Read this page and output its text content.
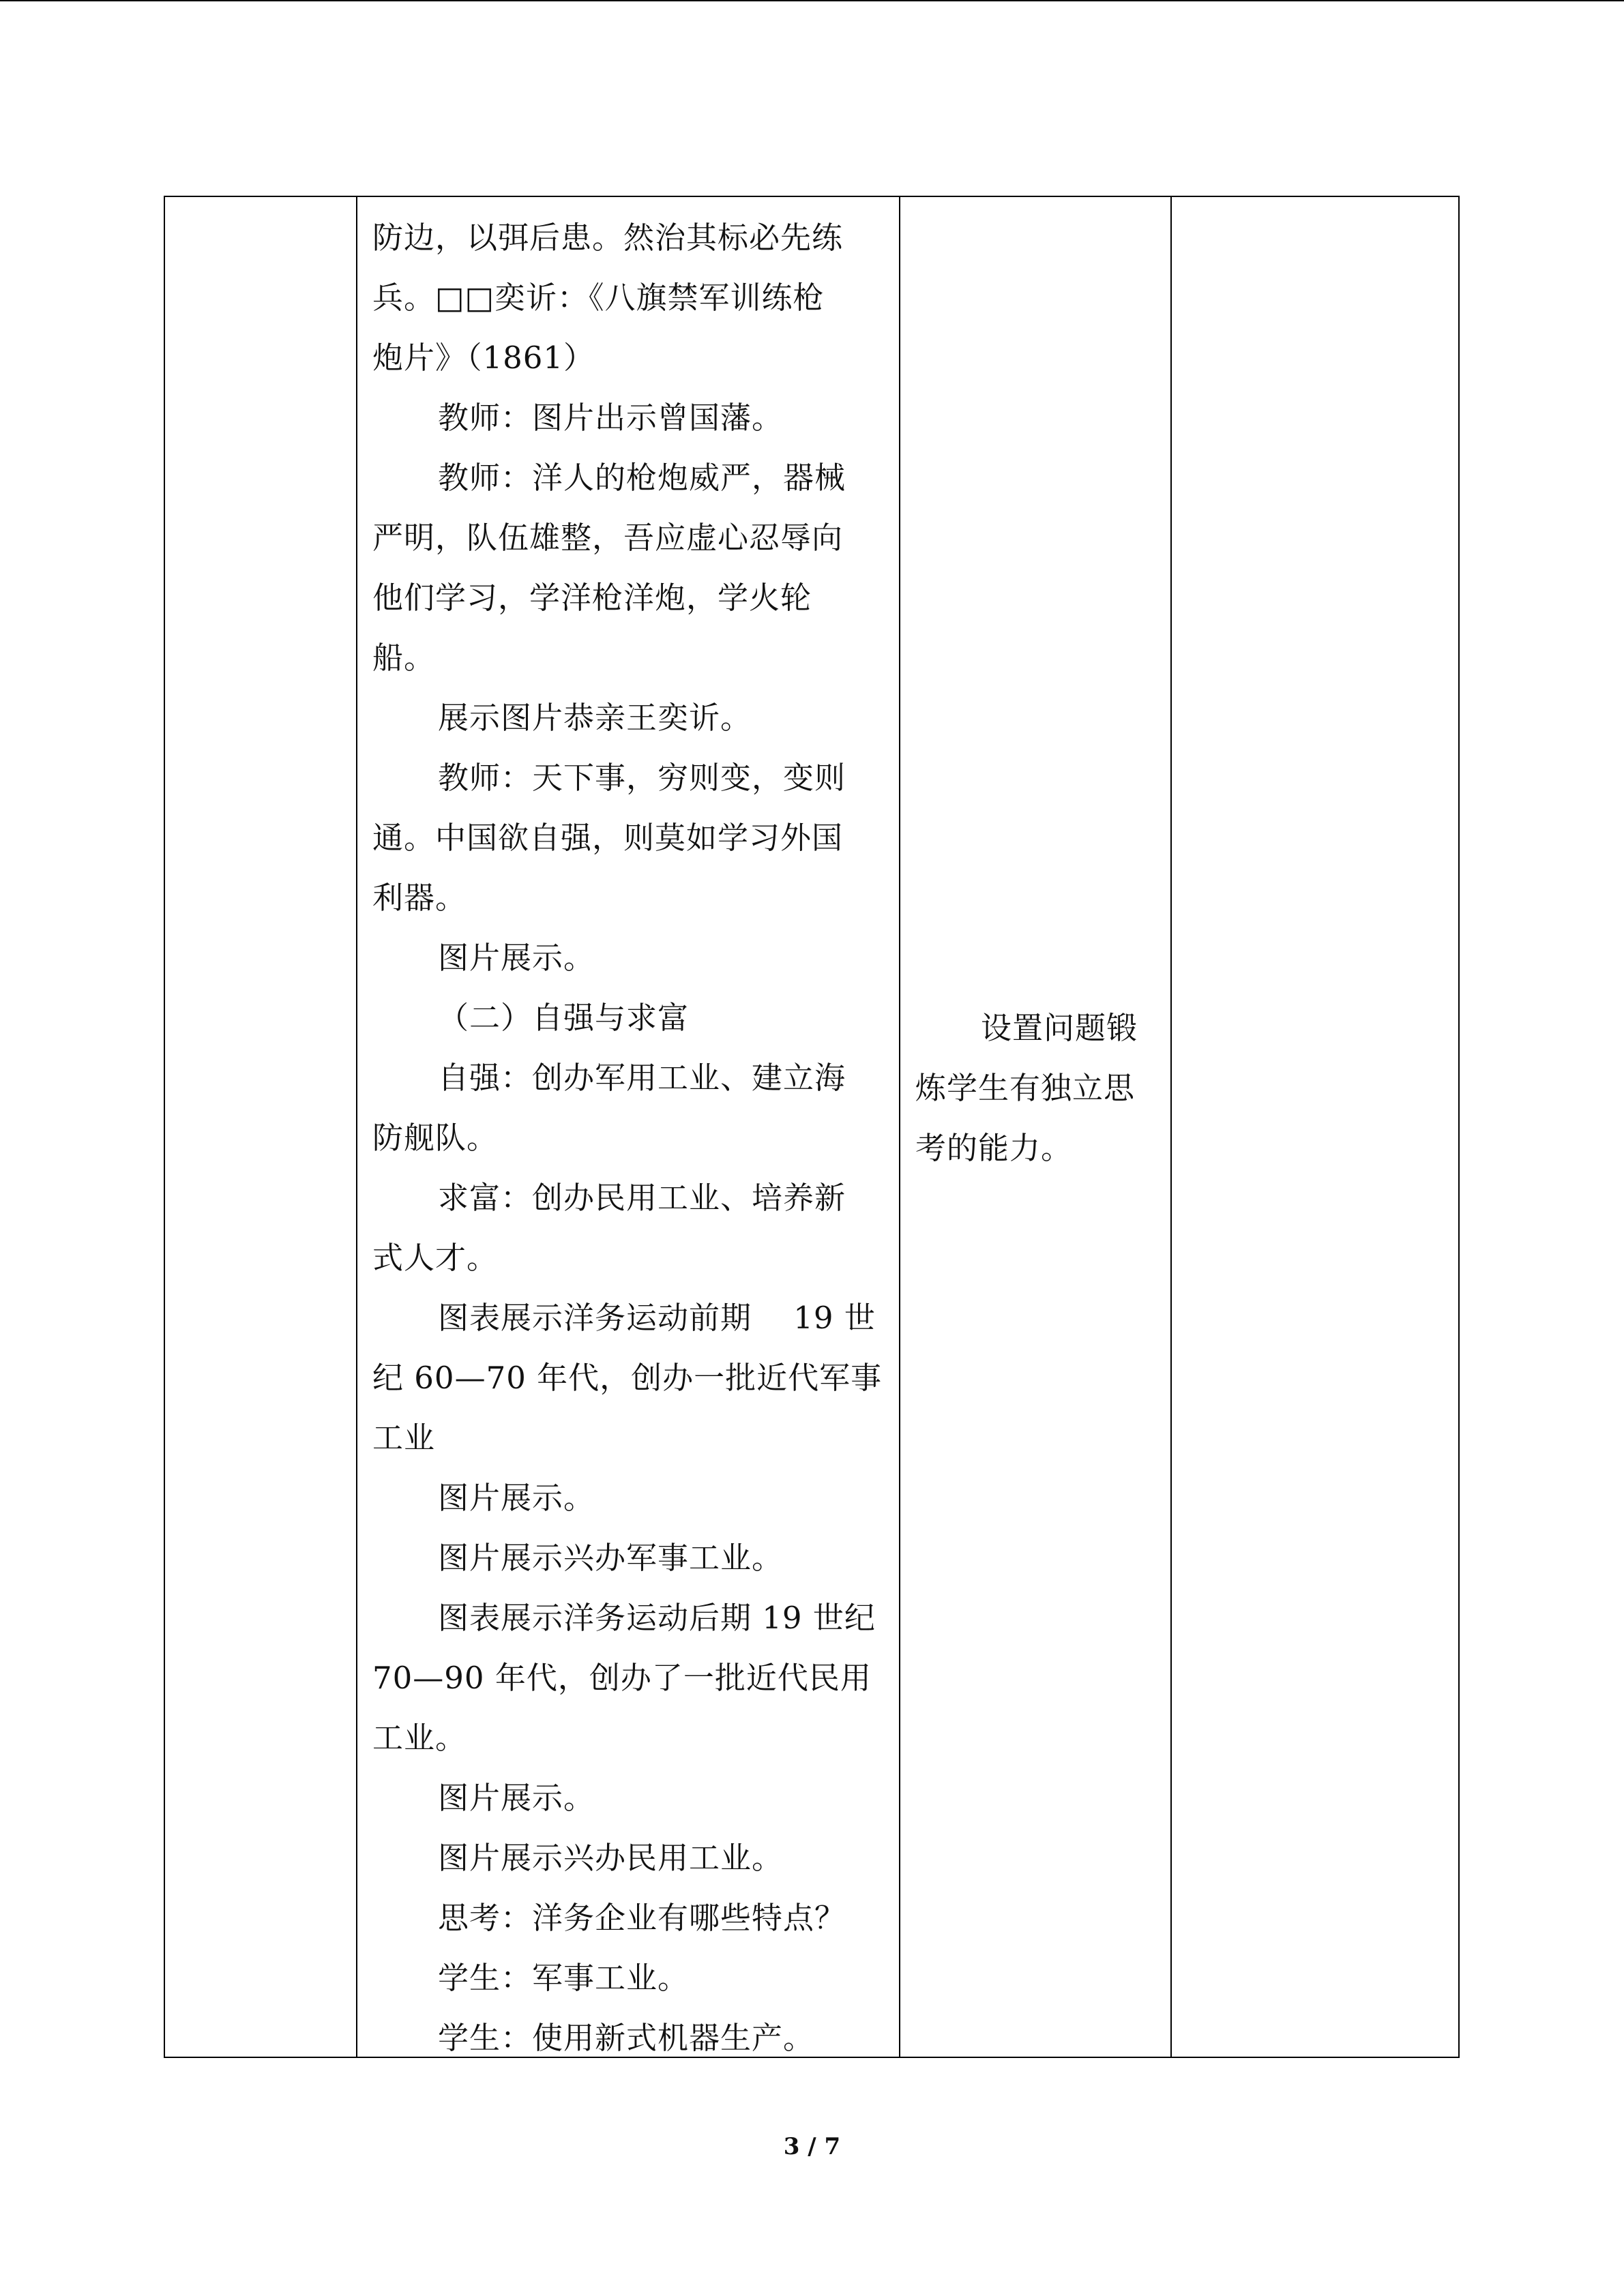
防边，以弭后患。然治其标必先练
兵。□□奕䜣：《八旗禁军训练枪
炮片》（1861）
教师：图片出示曾国藩。
教师：洋人的枪炮威严，器械
严明，队伍雄整，吾应虚心忍辱向
他们学习，学洋枪洋炮，学火轮
船。
展示图片恭亲王奕䜣。
教师：天下事，穷则变，变则
通。中国欲自强，则莫如学习外国
利器。
图片展示。
（二）自强与求富
自强：创办军用工业、建立海
防舰队。
求富：创办民用工业、培养新
式人才。
图表展示洋务运动前期　 19 世
纪 60—70 年代，创办一批近代军事
工业
图片展示。
图片展示兴办军事工业。
图表展示洋务运动后期 19 世纪
70—90 年代，创办了一批近代民用
工业。
图片展示。
图片展示兴办民用工业。
思考：洋务企业有哪些特点？
学生：军事工业。
学生：使用新式机器生产。
设置问题锻
炼学生有独立思
考的能力。
3 / 7
